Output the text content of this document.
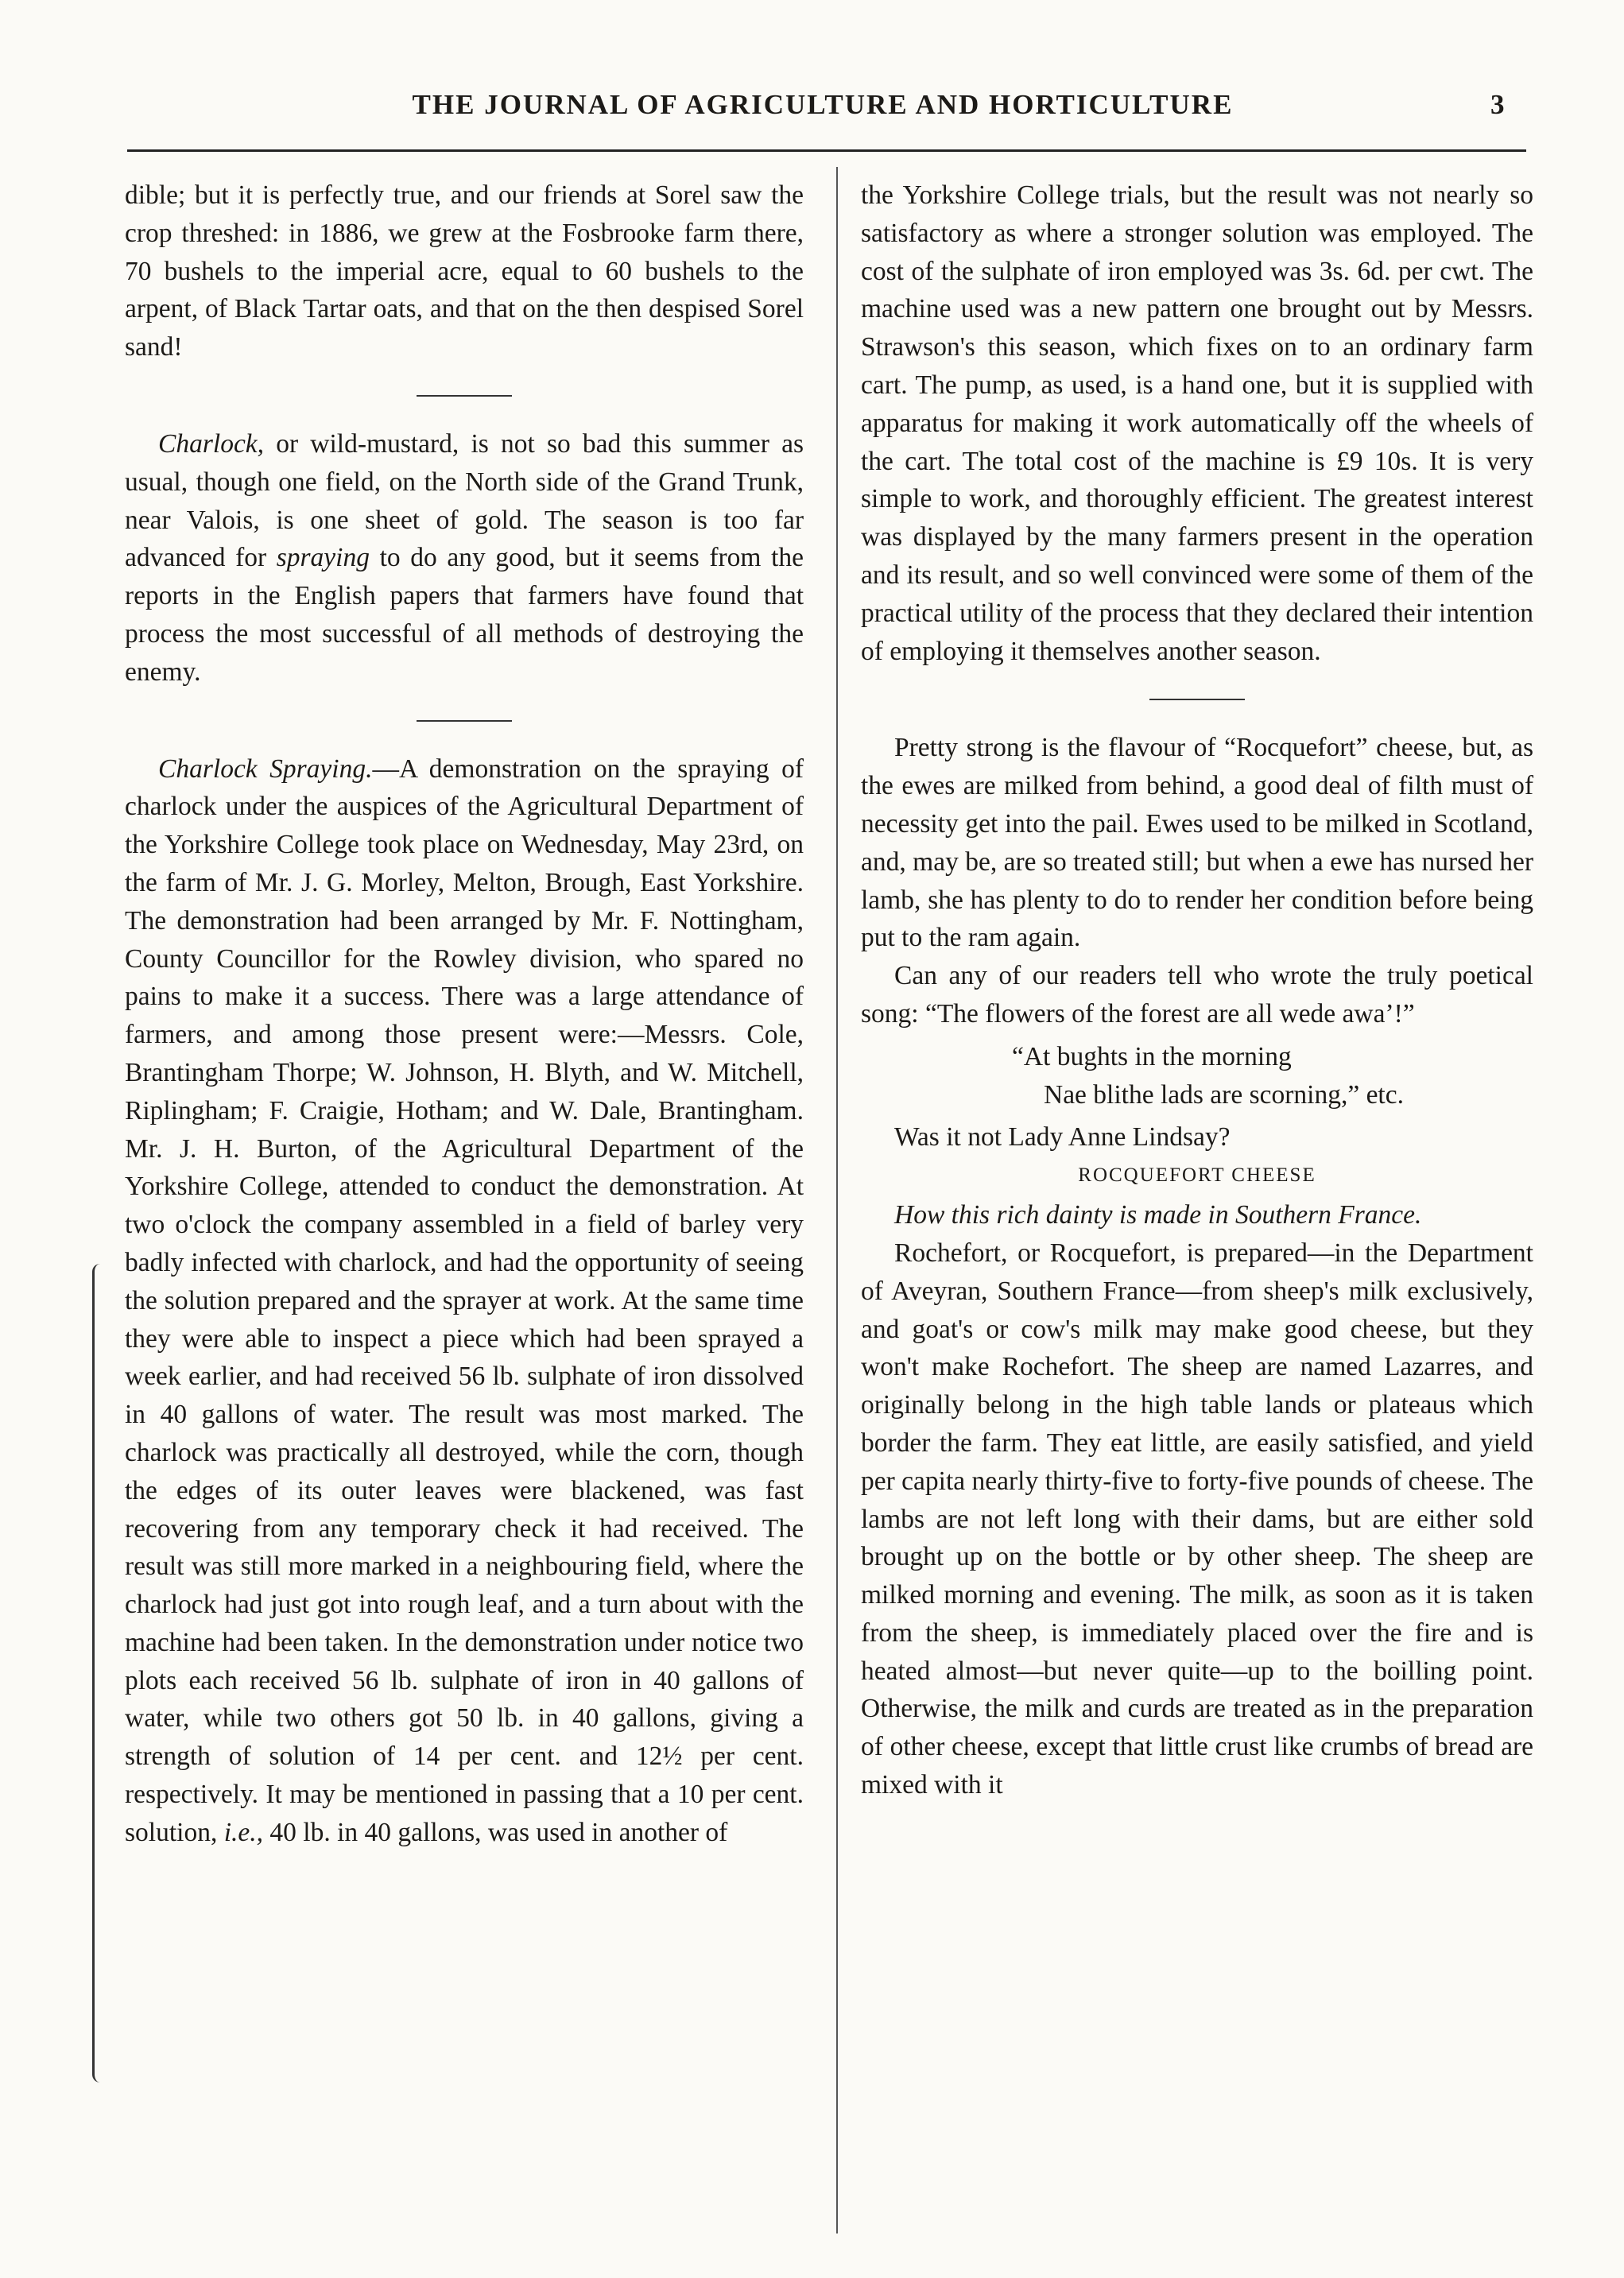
THE JOURNAL OF AGRICULTURE AND HORTICULTURE	3

dible; but it is perfectly true, and our friends at Sorel saw the crop threshed: in 1886, we grew at the Fosbrooke farm there, 70 bushels to the imperial acre, equal to 60 bushels to the arpent, of Black Tartar oats, and that on the then despised Sorel sand!

Charlock, or wild-mustard, is not so bad this summer as usual, though one field, on the North side of the Grand Trunk, near Valois, is one sheet of gold. The season is too far advanced for spraying to do any good, but it seems from the reports in the English papers that farmers have found that process the most successful of all methods of destroying the enemy.

Charlock Spraying.—A demonstration on the spraying of charlock under the auspices of the Agricultural Department of the Yorkshire College took place on Wednesday, May 23rd, on the farm of Mr. J. G. Morley, Melton, Brough, East Yorkshire. The demonstration had been arranged by Mr. F. Nottingham, County Councillor for the Rowley division, who spared no pains to make it a success. There was a large attendance of farmers, and among those present were:—Messrs. Cole, Brantingham Thorpe; W. Johnson, H. Blyth, and W. Mitchell, Riplingham; F. Craigie, Hotham; and W. Dale, Brantingham. Mr. J. H. Burton, of the Agricultural Department of the Yorkshire College, attended to conduct the demonstration. At two o'clock the company assembled in a field of barley very badly infected with charlock, and had the opportunity of seeing the solution prepared and the sprayer at work. At the same time they were able to inspect a piece which had been sprayed a week earlier, and had received 56 lb. sulphate of iron dissolved in 40 gallons of water. The result was most marked. The charlock was practically all destroyed, while the corn, though the edges of its outer leaves were blackened, was fast recovering from any temporary check it had received. The result was still more marked in a neighbouring field, where the charlock had just got into rough leaf, and a turn about with the machine had been taken. In the demonstration under notice two plots each received 56 lb. sulphate of iron in 40 gallons of water, while two others got 50 lb. in 40 gallons, giving a strength of solution of 14 per cent. and 12½ per cent. respectively. It may be mentioned in passing that a 10 per cent. solution, i.e., 40 lb. in 40 gallons, was used in another of

the Yorkshire College trials, but the result was not nearly so satisfactory as where a stronger solution was employed. The cost of the sulphate of iron employed was 3s. 6d. per cwt. The machine used was a new pattern one brought out by Messrs. Strawson's this season, which fixes on to an ordinary farm cart. The pump, as used, is a hand one, but it is supplied with apparatus for making it work automatically off the wheels of the cart. The total cost of the machine is £9 10s. It is very simple to work, and thoroughly efficient. The greatest interest was displayed by the many farmers present in the operation and its result, and so well convinced were some of them of the practical utility of the process that they declared their intention of employing it themselves another season.

Pretty strong is the flavour of “Rocquefort” cheese, but, as the ewes are milked from behind, a good deal of filth must of necessity get into the pail. Ewes used to be milked in Scotland, and, may be, are so treated still; but when a ewe has nursed her lamb, she has plenty to do to render her condition before being put to the ram again.

Can any of our readers tell who wrote the truly poetical song: “The flowers of the forest are all wede awa’!”

“At bughts in the morning
Nae blithe lads are scorning,” etc.

Was it not Lady Anne Lindsay?

ROCQUEFORT CHEESE

How this rich dainty is made in Southern France.

Rochefort, or Rocquefort, is prepared—in the Department of Aveyran, Southern France—from sheep's milk exclusively, and goat's or cow's milk may make good cheese, but they won't make Rochefort. The sheep are named Lazarres, and originally belong in the high table lands or plateaus which border the farm. They eat little, are easily satisfied, and yield per capita nearly thirty-five to forty-five pounds of cheese. The lambs are not left long with their dams, but are either sold brought up on the bottle or by other sheep. The sheep are milked morning and evening. The milk, as soon as it is taken from the sheep, is immediately placed over the fire and is heated almost—but never quite—up to the boilling point. Otherwise, the milk and curds are treated as in the preparation of other cheese, except that little crust like crumbs of bread are mixed with it
